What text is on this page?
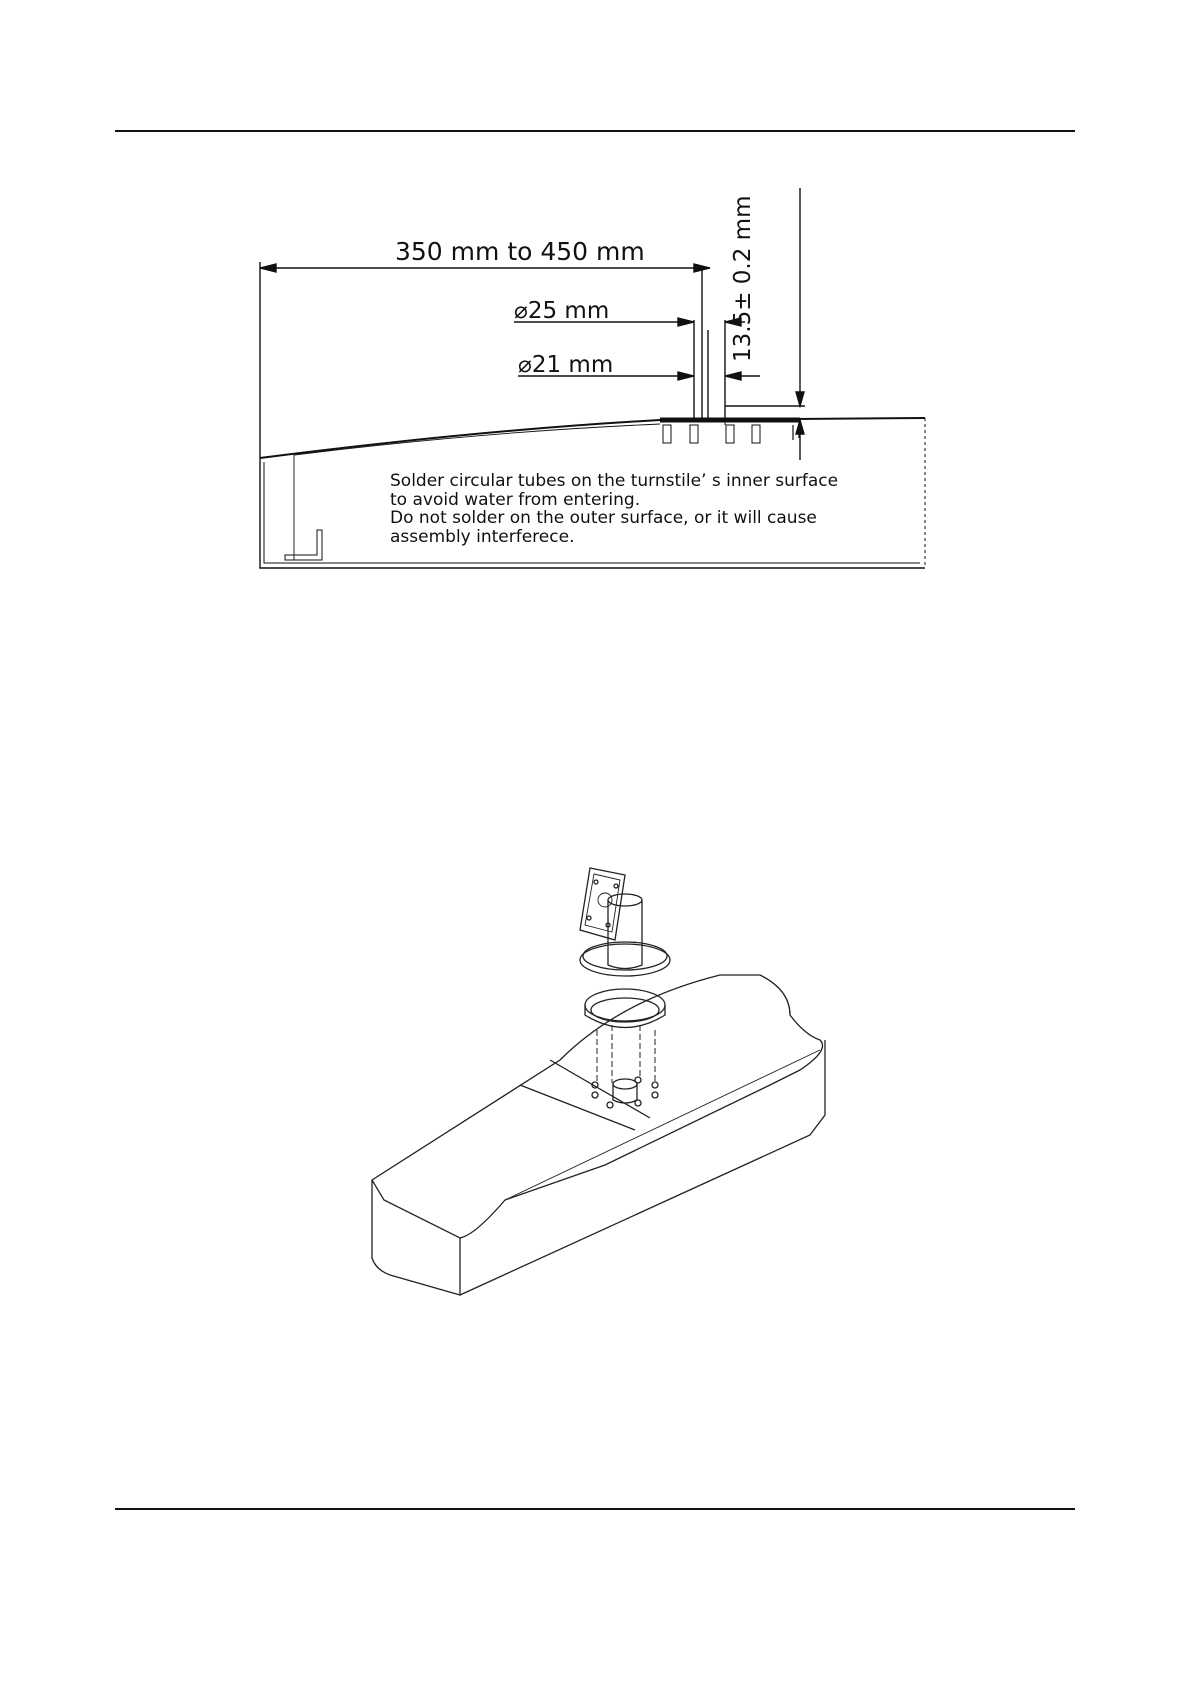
350 mm to 450 mm
⌀25 mm
⌀21 mm
13.5± 0.2 mm
Solder circular tubes on the turnstile’ s inner surface
to avoid water from entering.
Do not solder on the outer surface, or it will cause
assembly interferece.
